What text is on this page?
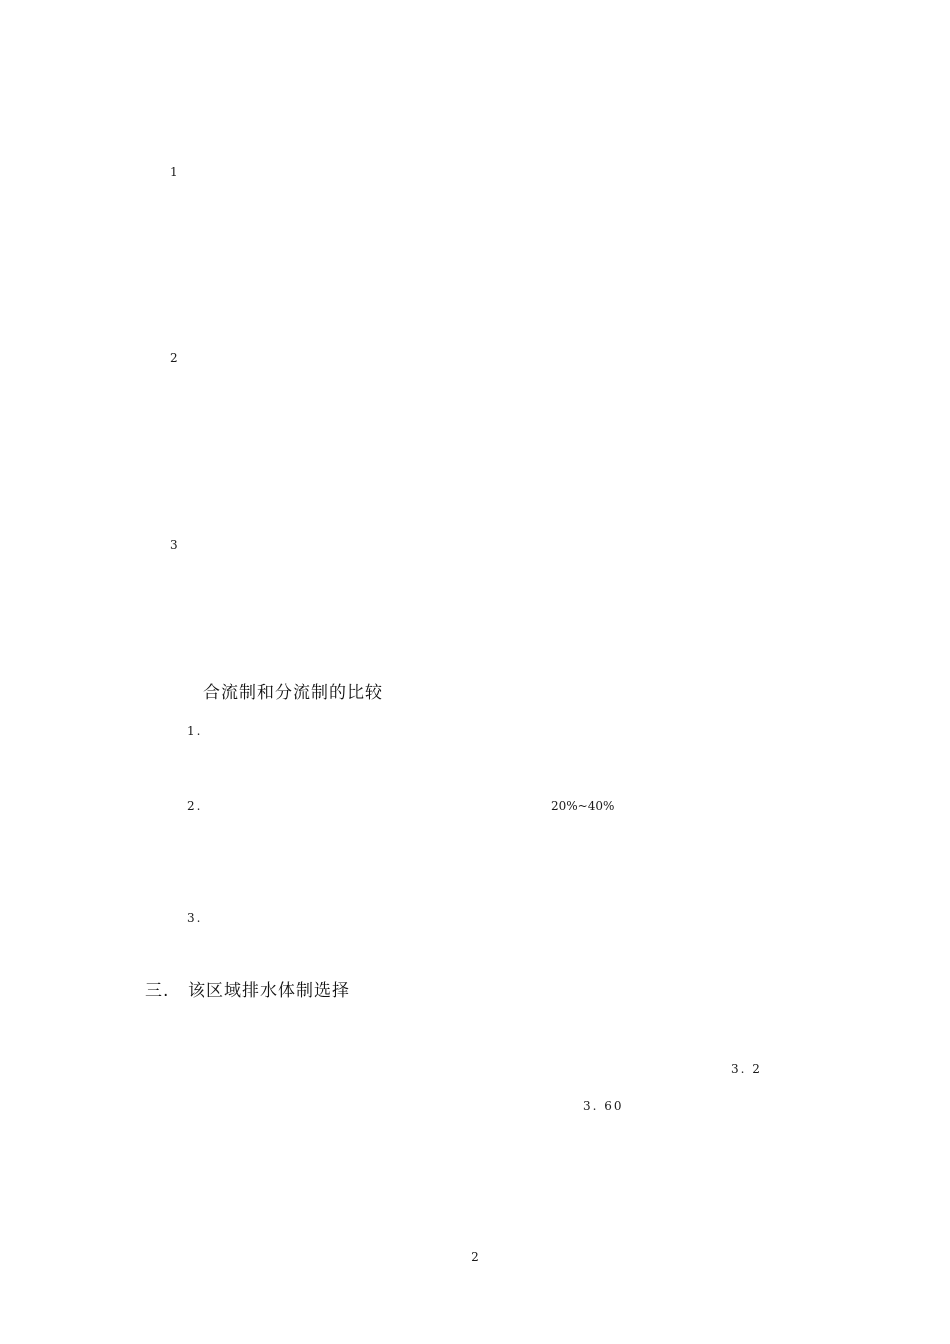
1
2
3
合流制和分流制的比较
1.
2.	20%~40%
3.
三. 该区域排水体制选择
3. 2
3. 60
2
